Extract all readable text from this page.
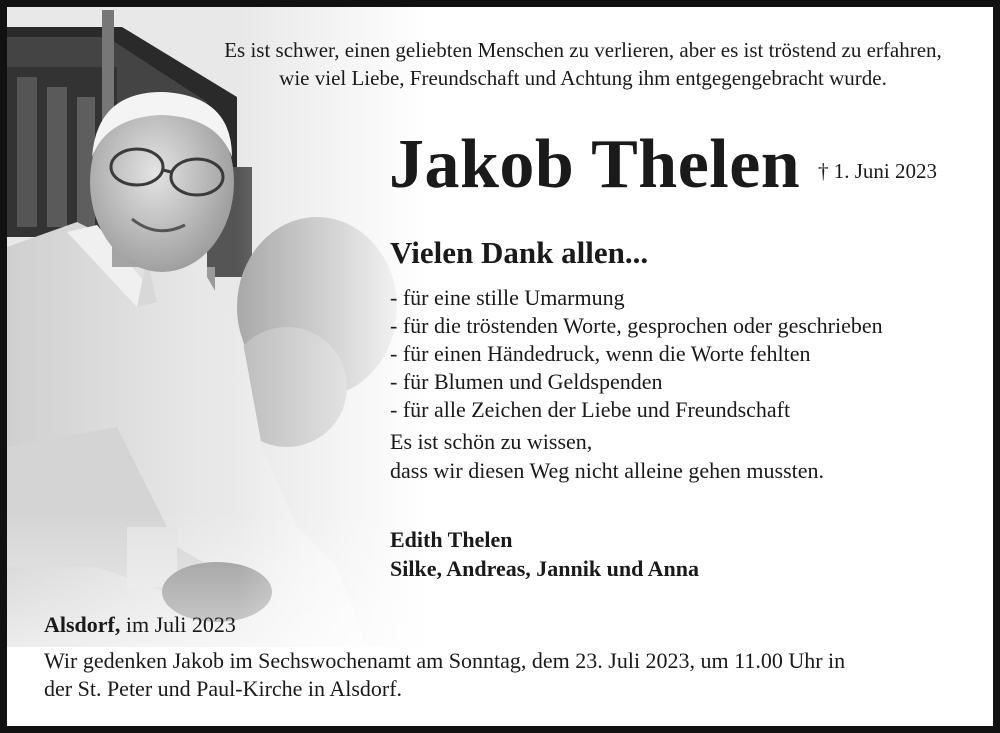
Es ist schwer, einen geliebten Menschen zu verlieren, aber es ist tröstend zu erfahren,
wie viel Liebe, Freundschaft und Achtung ihm entgegengebracht wurde.

Jakob Thelen † 1. Juni 2023
Vielen Dank allen...
- für eine stille Umarmung
- für die tröstenden Worte, gesprochen oder geschrieben
- für einen Händedruck, wenn die Worte fehlten
- für Blumen und Geldspenden
- für alle Zeichen der Liebe und Freundschaft

Es ist schön zu wissen,
dass wir diesen Weg nicht alleine gehen mussten.

Edith Thelen
Silke, Andreas, Jannik und Anna

Alsdorf, im Juli 2023

Wir gedenken Jakob im Sechswochenamt am Sonntag, dem 23. Juli 2023, um 11.00 Uhr in
der St. Peter und Paul-Kirche in Alsdorf.
